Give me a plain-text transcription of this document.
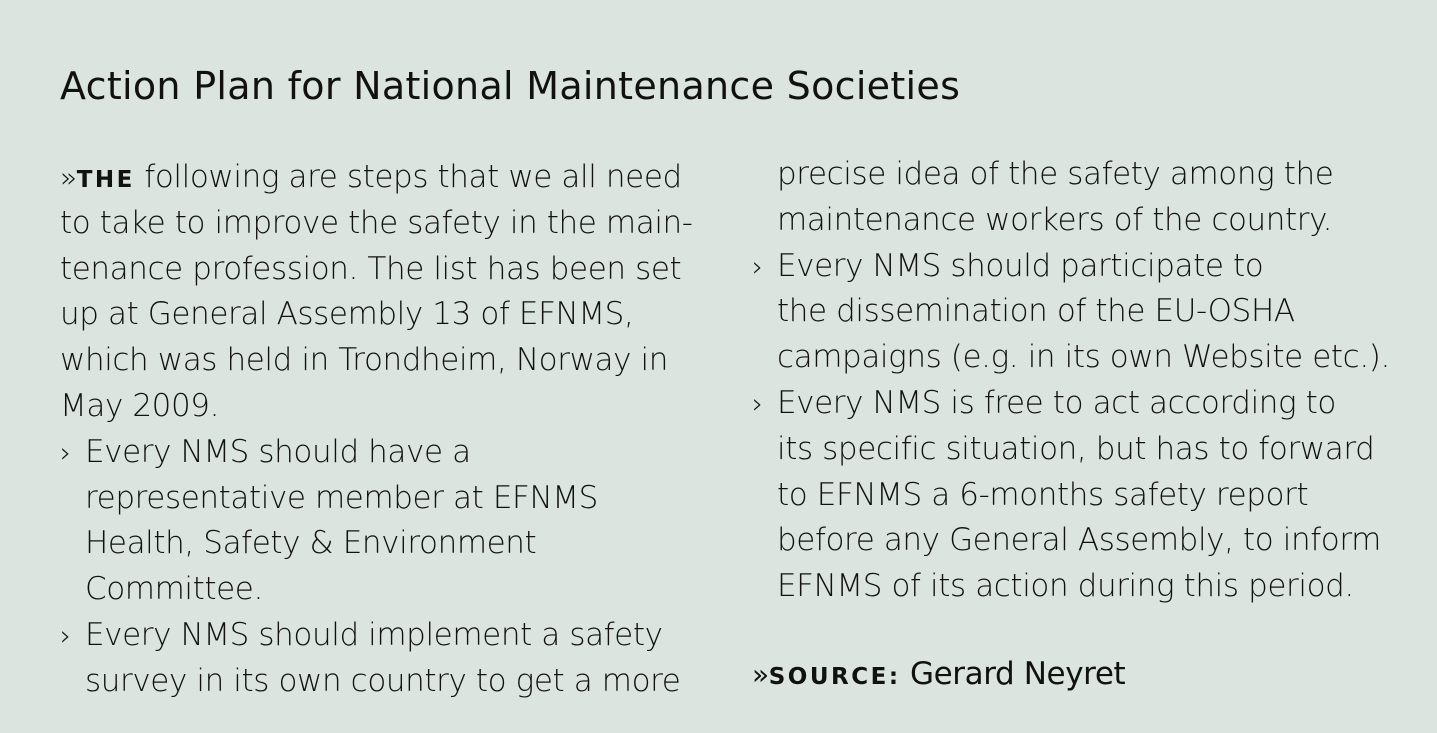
Action Plan for National Maintenance Societies
»THE following are steps that we all need
to take to improve the safety in the main-
tenance profession. The list has been set
up at General Assembly 13 of EFNMS,
which was held in Trondheim, Norway in
May 2009.
› Every NMS should have a
representative member at EFNMS
Health, Safety & Environment
Committee.
› Every NMS should implement a safety
survey in its own country to get a more
precise idea of the safety among the
maintenance workers of the country.
› Every NMS should participate to
the dissemination of the EU-OSHA
campaigns (e.g. in its own Website etc.).
› Every NMS is free to act according to
its specific situation, but has to forward
to EFNMS a 6-months safety report
before any General Assembly, to inform
EFNMS of its action during this period.
»SOURCE: Gerard Neyret
